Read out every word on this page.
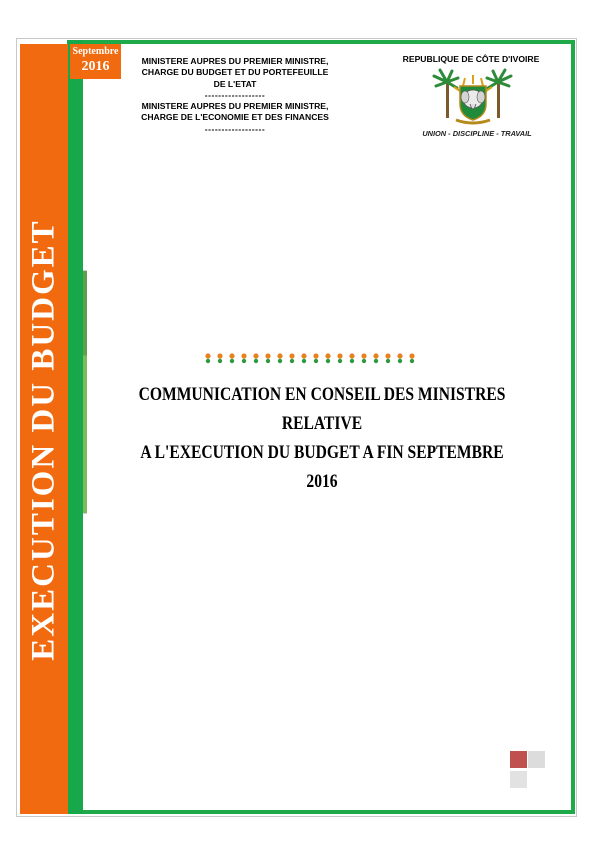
EXECUTION DU BUDGET
Septembre
2016	MINISTERE AUPRES DU PREMIER MINISTRE,
CHARGE DU BUDGET ET DU PORTEFEUILLE
DE L'ETAT
------------------
MINISTERE AUPRES DU PREMIER MINISTRE,
CHARGE DE L'ECONOMIE ET DES FINANCES
------------------
REPUBLIQUE DE CÔTE D'IVOIRE
UNION - DISCIPLINE - TRAVAIL
COMMUNICATION EN CONSEIL DES MINISTRES RELATIVE
A L'EXECUTION DU BUDGET A FIN SEPTEMBRE 2016
